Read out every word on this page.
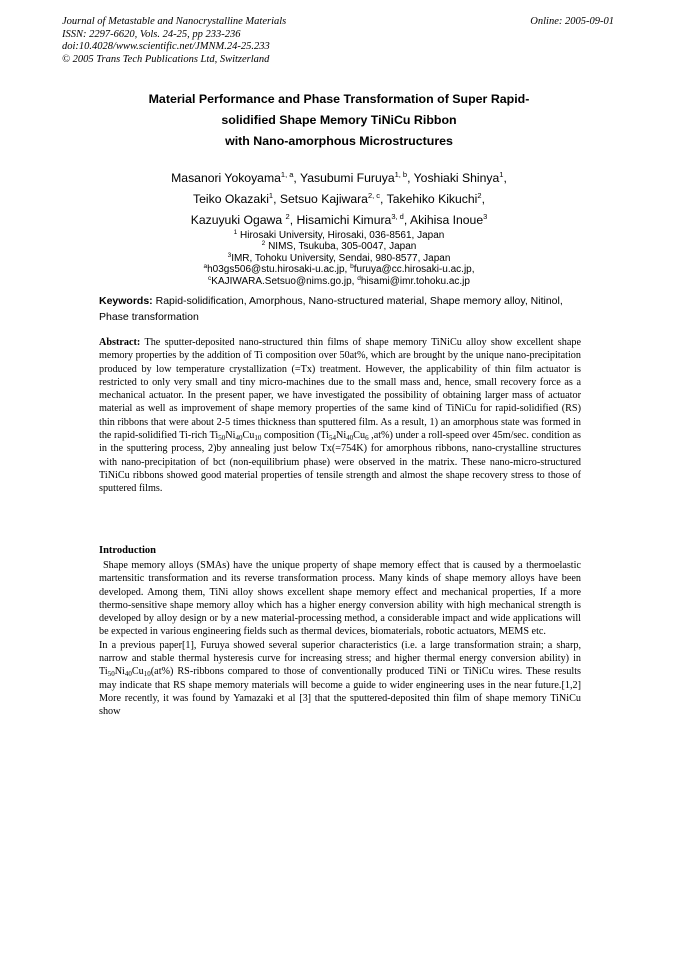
Journal of Metastable and Nanocrystalline Materials
ISSN: 2297-6620, Vols. 24-25, pp 233-236
doi:10.4028/www.scientific.net/JMNM.24-25.233
© 2005 Trans Tech Publications Ltd, Switzerland
Online: 2005-09-01
Material Performance and Phase Transformation of Super Rapid-
solidified Shape Memory TiNiCu Ribbon
with Nano-amorphous Microstructures
Masanori Yokoyama$^{1, a}$, Yasubumi Furuya$^{1, b}$, Yoshiaki Shinya$^1$,
Teiko Okazaki$^1$, Setsuo Kajiwara$^{2, c}$, Takehiko Kikuchi$^2$,
Kazuyuki Ogawa $^2$, Hisamichi Kimura$^{3, d}$, Akihisa Inoue$^3$
$^1$ Hirosaki University, Hirosaki, 036-8561, Japan
$^2$ NIMS, Tsukuba, 305-0047, Japan
$^3$IMR, Tohoku University, Sendai, 980-8577, Japan
$^a$h03gs506@stu.hirosaki-u.ac.jp, $^b$furuya@cc.hirosaki-u.ac.jp,
$^c$KAJIWARA.Setsuo@nims.go.jp, $^d$hisami@imr.tohoku.ac.jp
Keywords: Rapid-solidification, Amorphous, Nano-structured material, Shape memory alloy, Nitinol, Phase transformation

Abstract: The sputter-deposited nano-structured thin films of shape memory TiNiCu alloy show excellent shape memory properties by the addition of Ti composition over 50at%, which are brought by the unique nano-precipitation produced by low temperature crystallization (=Tx) treatment. However, the applicability of thin film actuator is restricted to only very small and tiny micro-machines due to the small mass and, hence, small recovery force as a mechanical actuator. In the present paper, we have investigated the possibility of obtaining larger mass of actuator material as well as improvement of shape memory properties of the same kind of TiNiCu for rapid-solidified (RS) thin ribbons that were about 2-5 times thickness than sputtered film. As a result, 1) an amorphous state was formed in the rapid-solidified Ti-rich $Ti_{50}Ni_{40}Cu_{10}$ composition ($Ti_{54}Ni_{40}Cu_6$ ,at%) under a roll-speed over 45m/sec. condition as in the sputtering process, 2)by annealing just below Tx(=754K) for amorphous ribbons, nano-crystalline structures with nano-precipitation of bct (non-equilibrium phase) were observed in the matrix. These nano-micro-structured TiNiCu ribbons showed good material properties of tensile strength and almost the shape recovery stress to those of sputtered films.

Introduction

Shape memory alloys (SMAs) have the unique property of shape memory effect that is caused by a thermoelastic martensitic transformation and its reverse transformation process. Many kinds of shape memory alloys have been developed. Among them, TiNi alloy shows excellent shape memory effect and mechanical properties, If a more thermo-sensitive shape memory alloy which has a higher energy conversion ability with high mechanical strength is developed by alloy design or by a new material-processing method, a considerable impact and wide applications will be expected in various engineering fields such as thermal devices, biomaterials, robotic actuators, MEMS etc.

In a previous paper[1], Furuya showed several superior characteristics (i.e. a large transformation strain; a sharp, narrow and stable thermal hysteresis curve for increasing stress; and higher thermal energy conversion ability) in $Ti_{50}Ni_{40}Cu_{10}(at\%)$ RS-ribbons compared to those of conventionally produced TiNi or TiNiCu wires. These results may indicate that RS shape memory materials will become a guide to wider engineering uses in the near future.[1,2] More recently, it was found by Yamazaki et al [3] that the sputtered-deposited thin film of shape memory TiNiCu show
